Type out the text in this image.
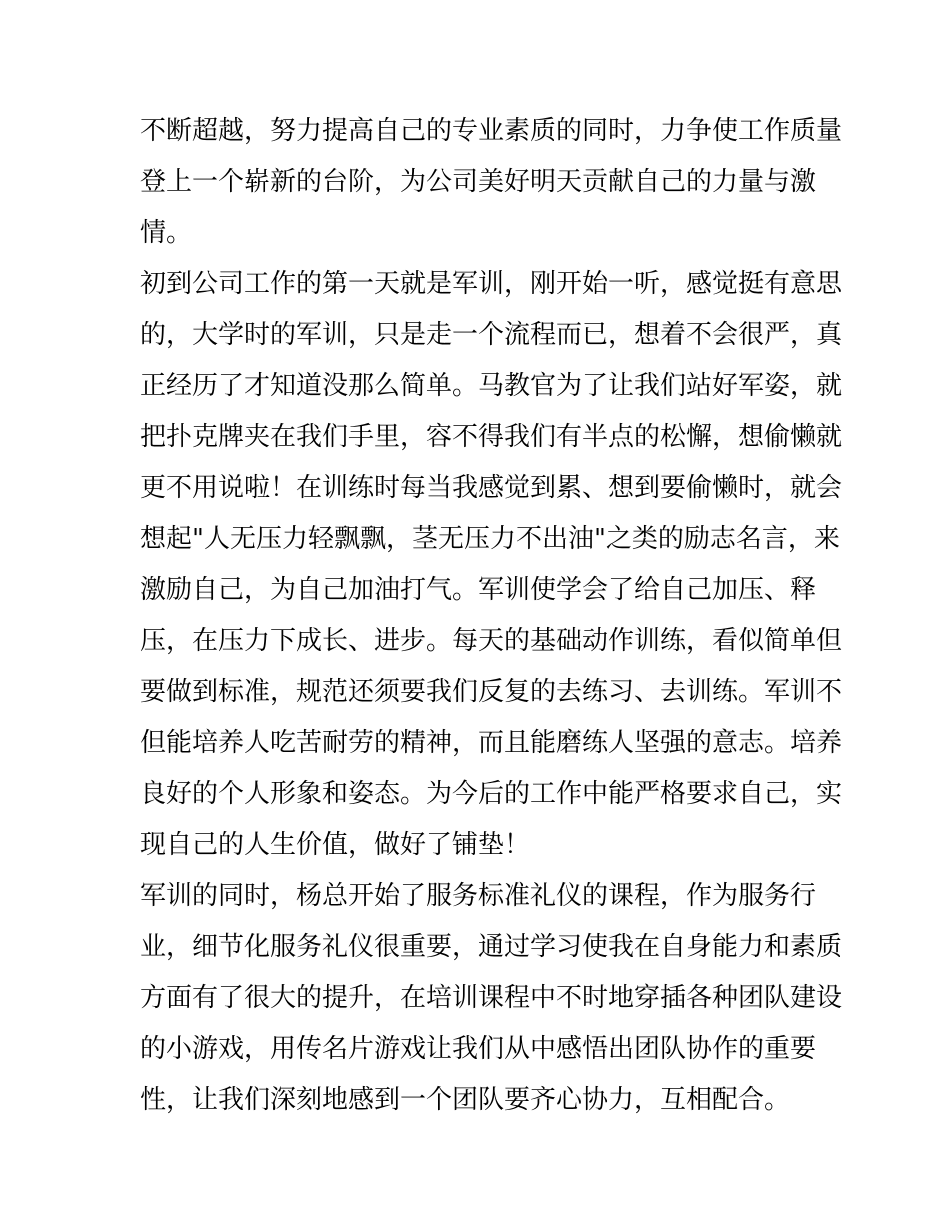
不断超越，努力提高自己的专业素质的同时，力争使工作质量
登上一个崭新的台阶，为公司美好明天贡献自己的力量与激
情。
初到公司工作的第一天就是军训，刚开始一听，感觉挺有意思
的，大学时的军训，只是走一个流程而已，想着不会很严，真
正经历了才知道没那么简单。马教官为了让我们站好军姿，就
把扑克牌夹在我们手里，容不得我们有半点的松懈，想偷懒就
更不用说啦！在训练时每当我感觉到累、想到要偷懒时，就会
想起"人无压力轻飘飘，茎无压力不出油"之类的励志名言，来
激励自己，为自己加油打气。军训使学会了给自己加压、释
压，在压力下成长、进步。每天的基础动作训练，看似简单但
要做到标准，规范还须要我们反复的去练习、去训练。军训不
但能培养人吃苦耐劳的精神，而且能磨练人坚强的意志。培养
良好的个人形象和姿态。为今后的工作中能严格要求自己，实
现自己的人生价值，做好了铺垫！
军训的同时，杨总开始了服务标准礼仪的课程，作为服务行
业，细节化服务礼仪很重要，通过学习使我在自身能力和素质
方面有了很大的提升，在培训课程中不时地穿插各种团队建设
的小游戏，用传名片游戏让我们从中感悟出团队协作的重要
性，让我们深刻地感到一个团队要齐心协力，互相配合。
